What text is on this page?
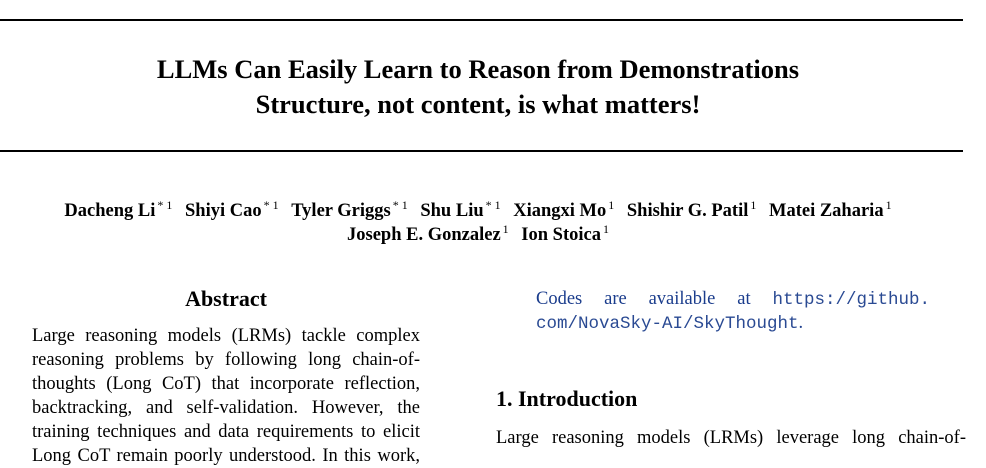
LLMs Can Easily Learn to Reason from Demonstrations
Structure, not content, is what matters!
Dacheng Li $^{* 1}$ Shiyi Cao $^{* 1}$ Tyler Griggs $^{* 1}$ Shu Liu $^{* 1}$ Xiangxi Mo $^1$ Shishir G. Patil $^1$ Matei Zaharia $^1$
Joseph E. Gonzalez $^1$ Ion Stoica $^1$
Abstract
Large reasoning models (LRMs) tackle complex
reasoning problems by following long chain-of-
thoughts (Long CoT) that incorporate reflection,
backtracking, and self-validation. However, the
training techniques and data requirements to elicit
Long CoT remain poorly understood. In this work,
Codes are available at https://github.
com/NovaSky-AI/SkyThought.
1. Introduction
Large reasoning models (LRMs) leverage long chain-of-
